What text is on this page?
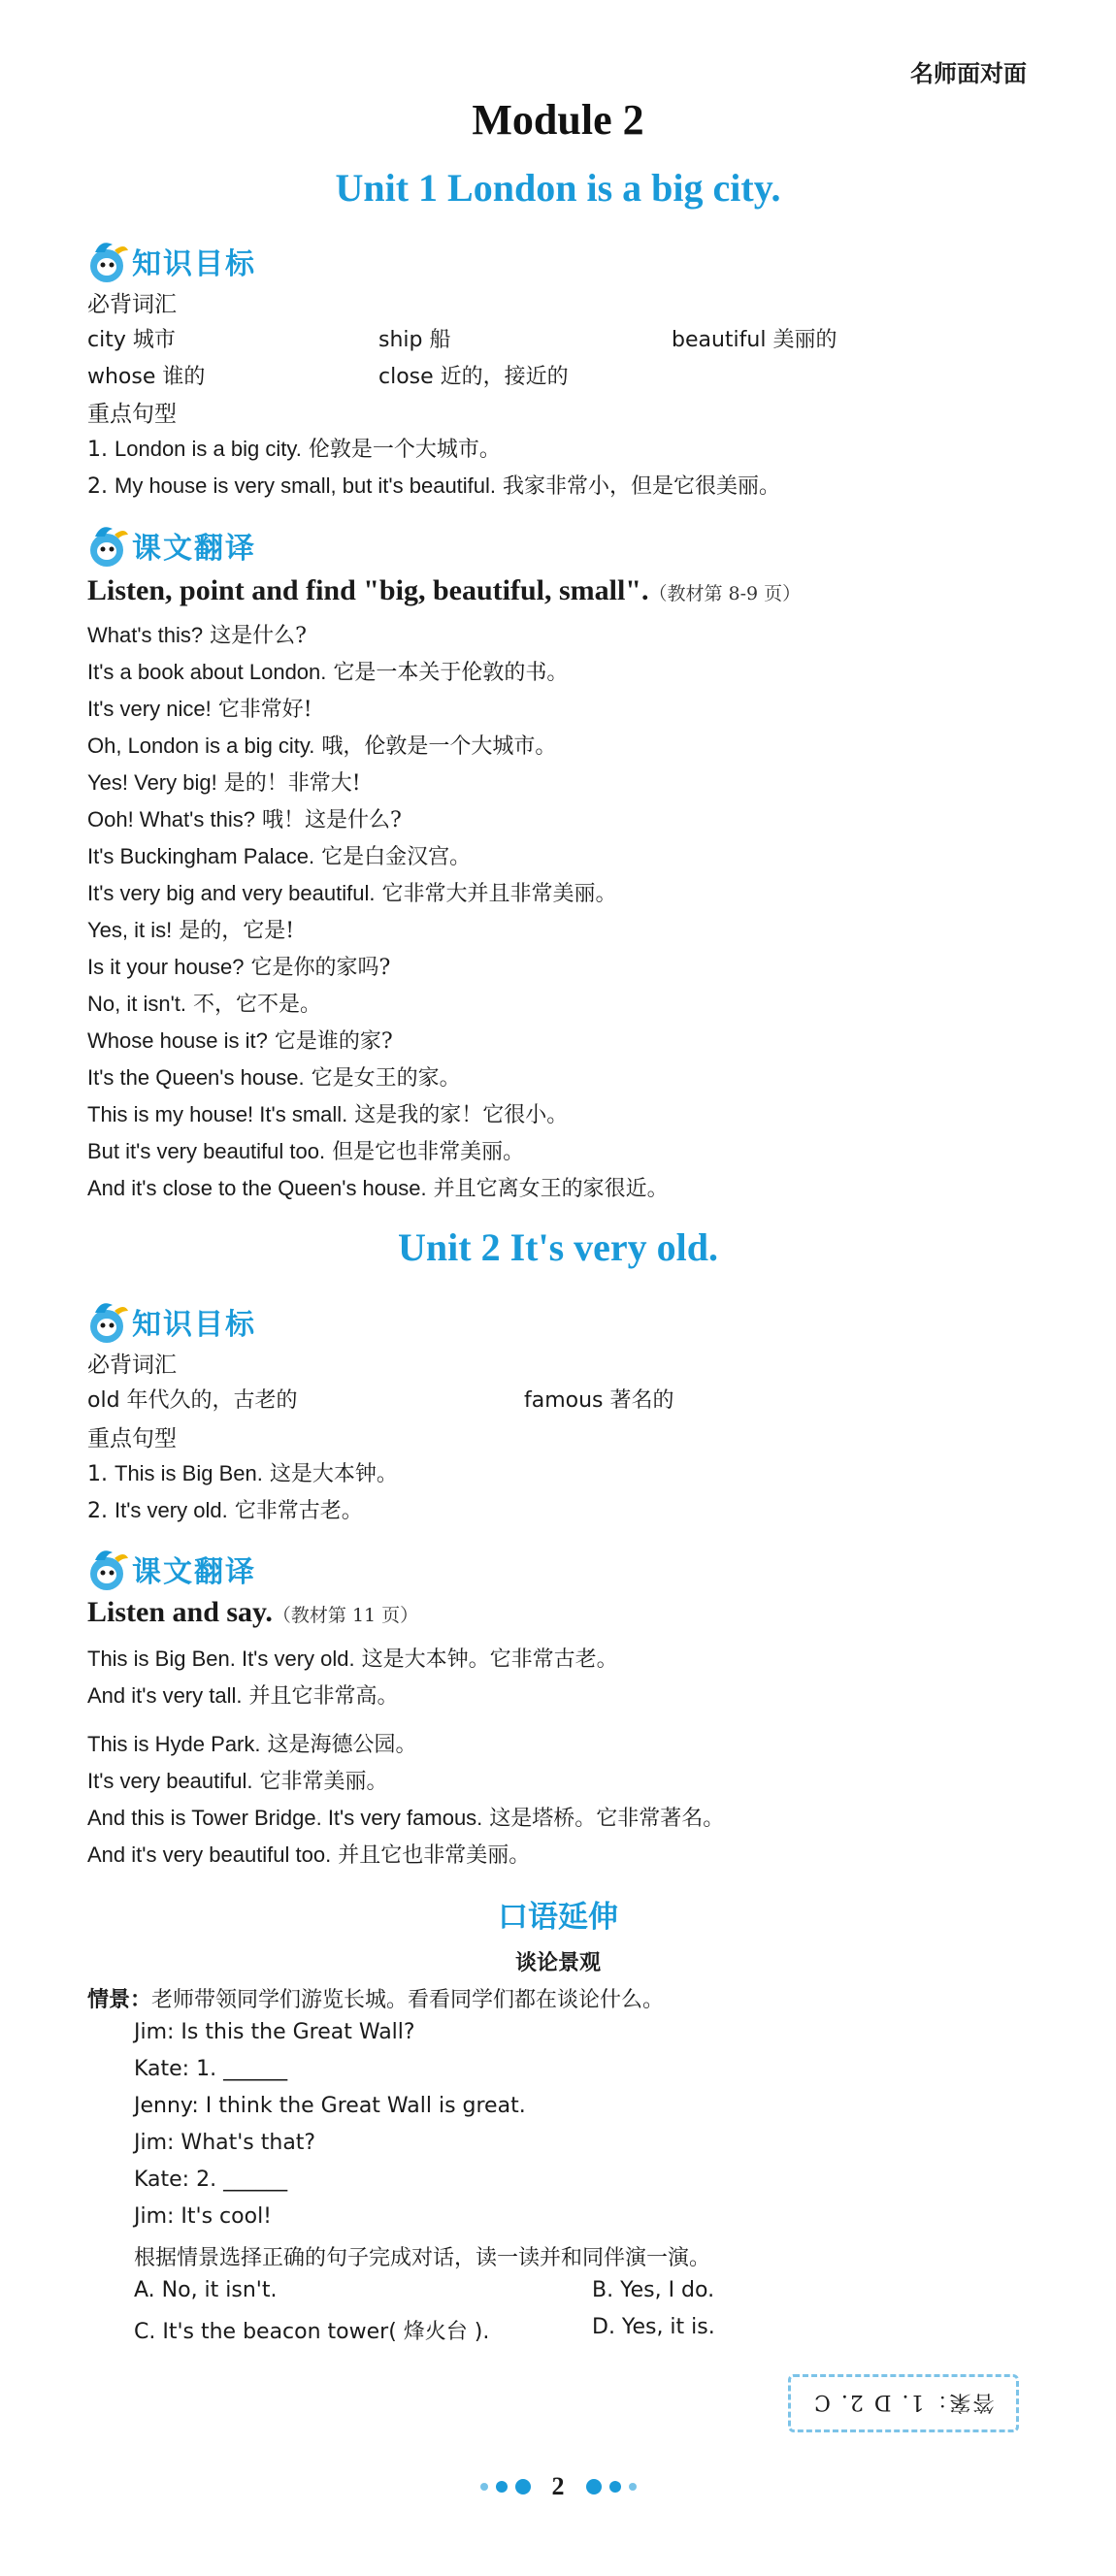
名师面对面
Module 2
Unit 1 London is a big city.
知识目标
必背词汇
city 城市	ship 船	beautiful 美丽的
whose 谁的	close 近的，接近的
重点句型
1. London is a big city. 伦敦是一个大城市。
2. My house is very small, but it's beautiful. 我家非常小，但是它很美丽。
课文翻译
Listen, point and find "big, beautiful, small".（教材第 8-9 页）
What's this? 这是什么?
It's a book about London. 它是一本关于伦敦的书。
It's very nice! 它非常好!
Oh, London is a big city. 哦，伦敦是一个大城市。
Yes! Very big! 是的！非常大!
Ooh! What's this? 哦！这是什么?
It's Buckingham Palace. 它是白金汉宫。
It's very big and very beautiful. 它非常大并且非常美丽。
Yes, it is! 是的，它是!
Is it your house? 它是你的家吗?
No, it isn't. 不，它不是。
Whose house is it? 它是谁的家?
It's the Queen's house. 它是女王的家。
This is my house! It's small. 这是我的家！它很小。
But it's very beautiful too. 但是它也非常美丽。
And it's close to the Queen's house. 并且它离女王的家很近。
Unit 2 It's very old.
知识目标
必背词汇
old 年代久的，古老的	famous 著名的
重点句型
1. This is Big Ben. 这是大本钟。
2. It's very old. 它非常古老。
课文翻译
Listen and say.（教材第 11 页）
This is Big Ben. It's very old. 这是大本钟。它非常古老。
And it's very tall. 并且它非常高。
This is Hyde Park. 这是海德公园。
It's very beautiful. 它非常美丽。
And this is Tower Bridge. It's very famous. 这是塔桥。它非常著名。
And it's very beautiful too. 并且它也非常美丽。
口语延伸
谈论景观
情景：老师带领同学们游览长城。看看同学们都在谈论什么。
Jim: Is this the Great Wall?
Kate: 1. ______
Jenny: I think the Great Wall is great.
Jim: What's that?
Kate: 2. ______
Jim: It's cool!
根据情景选择正确的句子完成对话，读一读并和同伴演一演。
A. No, it isn't.	B. Yes, I do.
C. It's the beacon tower( 烽火台 ).	D. Yes, it is.
答案：1. D 2. C
2
